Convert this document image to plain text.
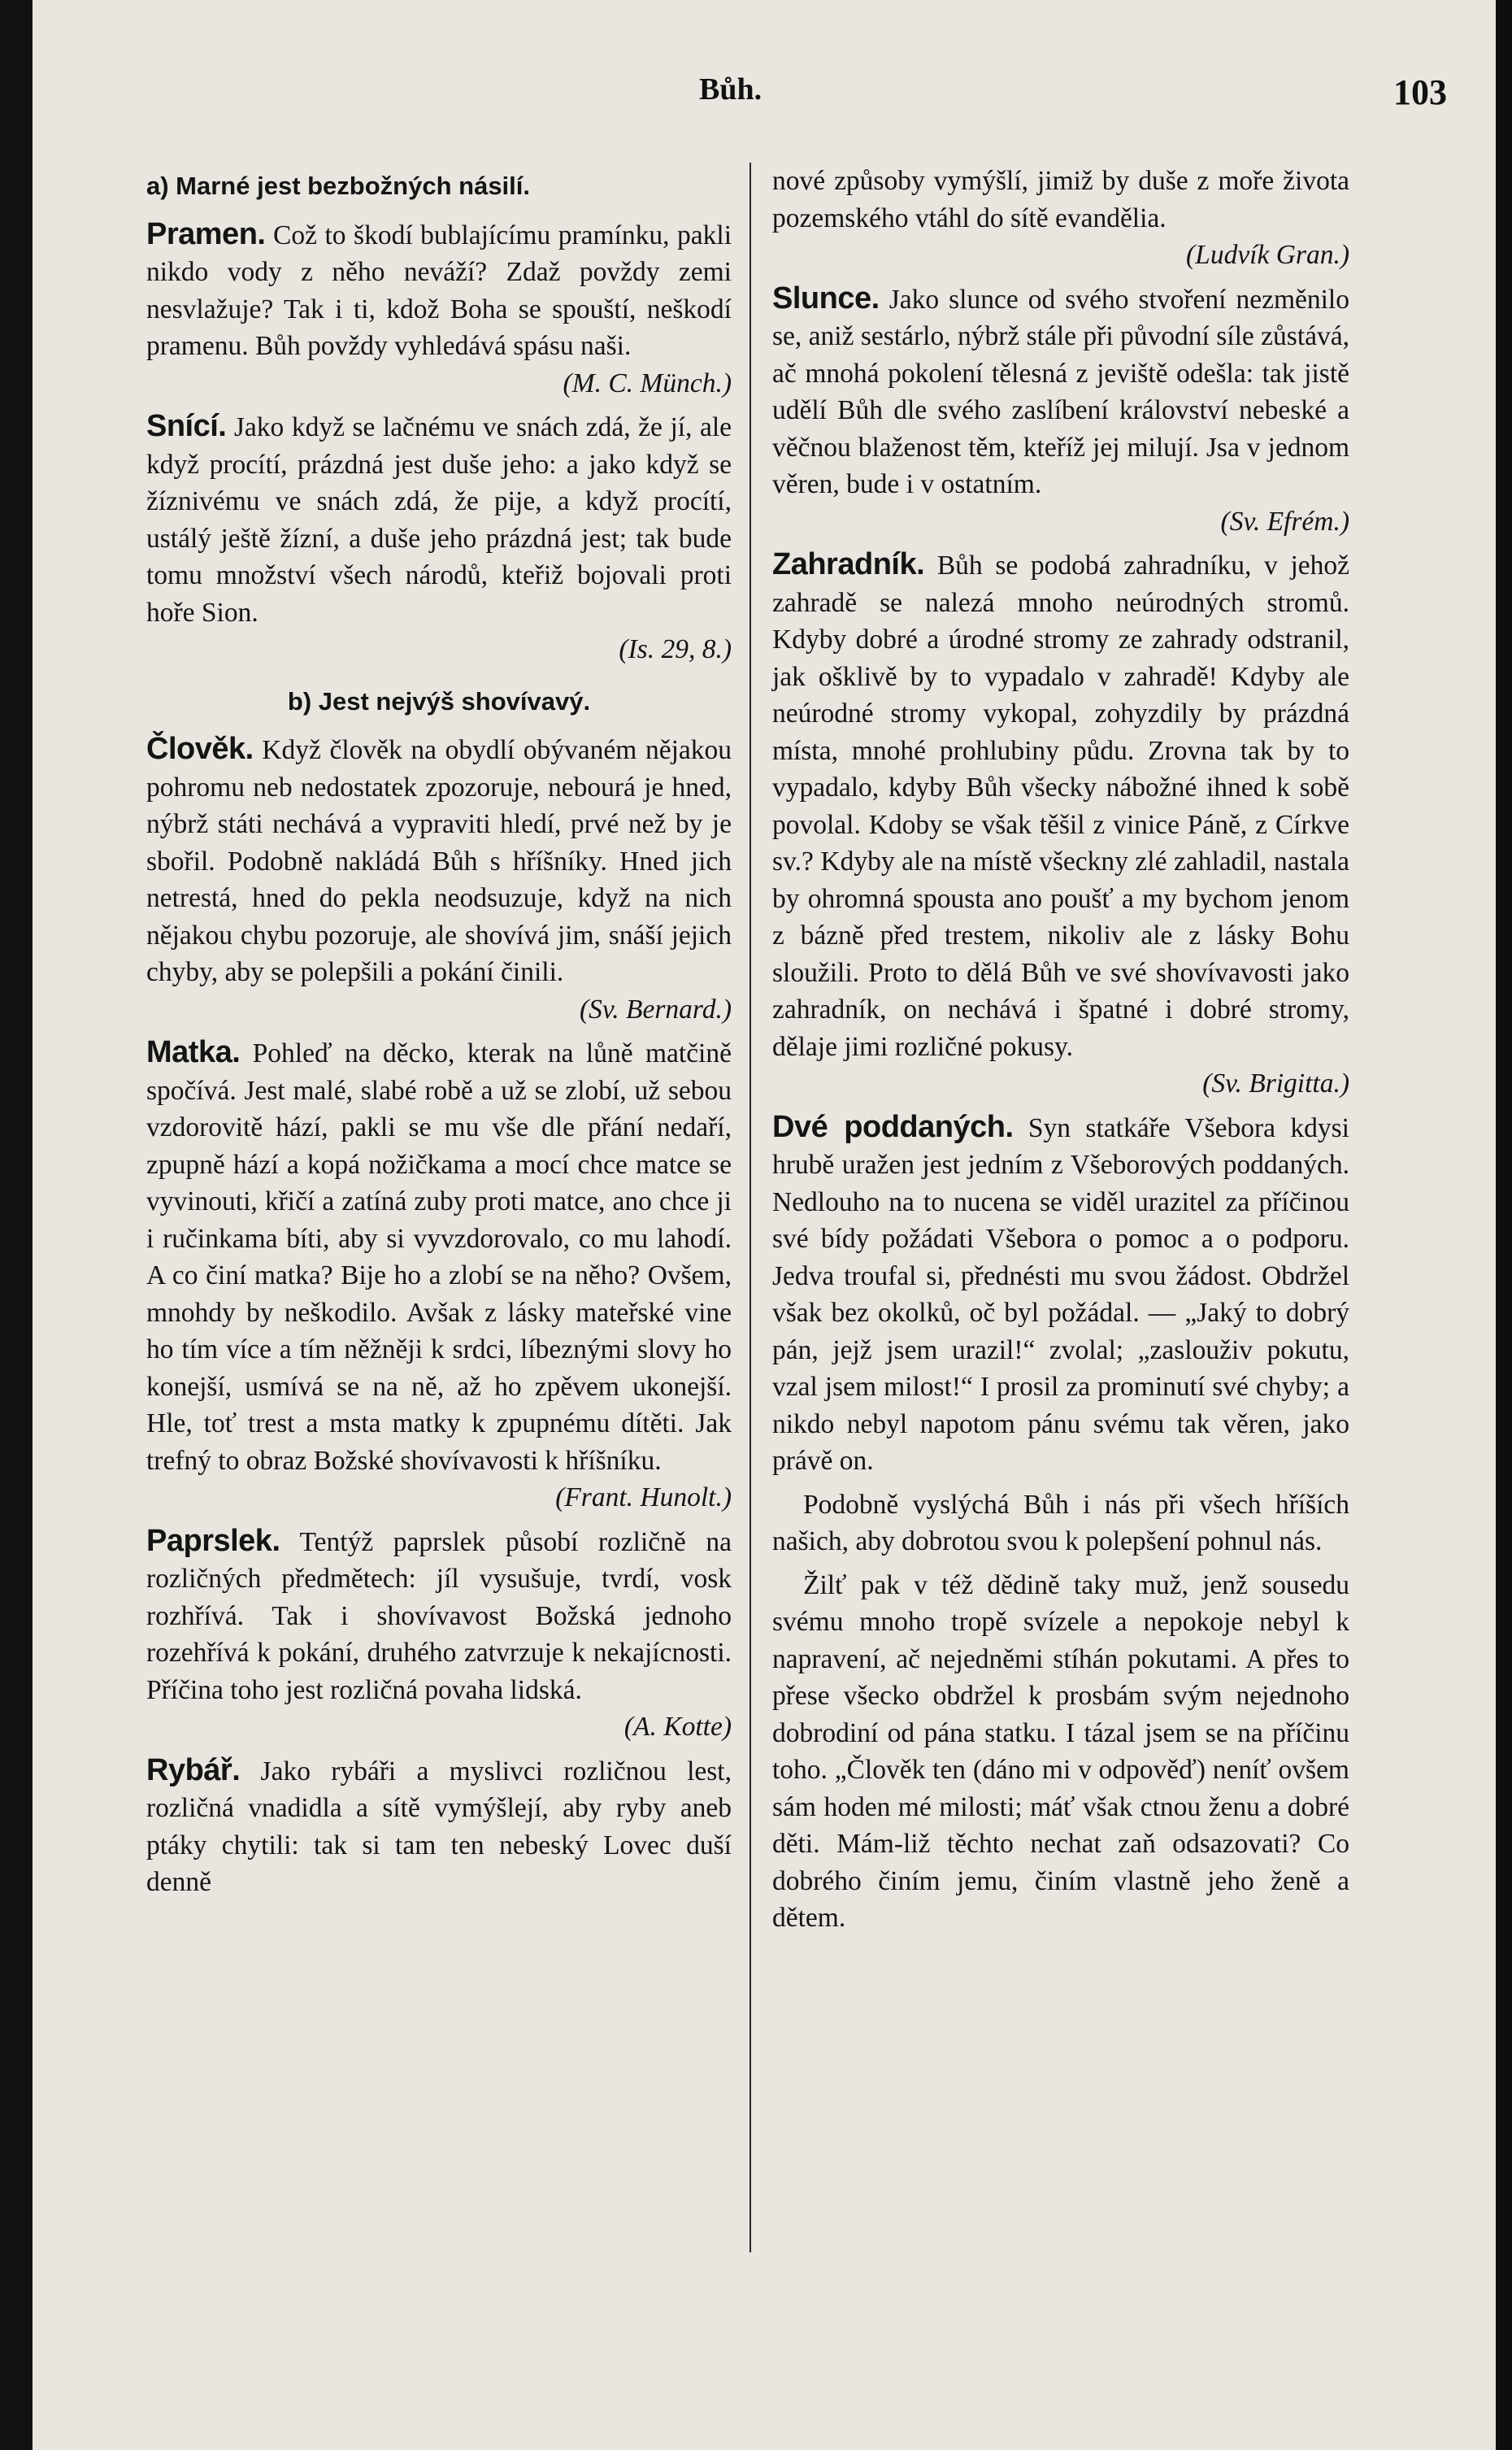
Bůh.	103

a) Marné jest bezbožných násilí.

Pramen. Což to škodí bublajícímu pramínku, pakli nikdo vody z něho neváží? Zdaž povždy zemi nesvlažuje? Tak i ti, kdož Boha se spouští, neškodí pramenu. Bůh povždy vyhledává spásu naši.
(M. C. Münch.)

Snící. Jako když se lačnému ve snách zdá, že jí, ale když procítí, prázdná jest duše jeho: a jako když se žíznivému ve snách zdá, že pije, a když procítí, ustálý ještě žízní, a duše jeho prázdná jest; tak bude tomu množství všech národů, kteřiž bojovali proti hoře Sion.
(Is. 29, 8.)

b) Jest nejvýš shovívavý.

Člověk. Když člověk na obydlí obývaném nějakou pohromu neb nedostatek zpozoruje, nebourá je hned, nýbrž státi nechává a vypraviti hledí, prvé než by je sbořil. Podobně nakládá Bůh s hříšníky. Hned jich netrestá, hned do pekla neodsuzuje, když na nich nějakou chybu pozoruje, ale shovívá jim, snáší jejich chyby, aby se polepšili a pokání činili.
(Sv. Bernard.)

Matka. Pohleď na děcko, kterak na lůně matčině spočívá. Jest malé, slabé robě a už se zlobí, už sebou vzdorovitě hází, pakli se mu vše dle přání nedaří, zpupně hází a kopá nožičkama a mocí chce matce se vyvinouti, křičí a zatíná zuby proti matce, ano chce ji i ručinkama bíti, aby si vyvzdorovalo, co mu lahodí. A co činí matka? Bije ho a zlobí se na něho? Ovšem, mnohdy by neškodilo. Avšak z lásky mateřské vine ho tím více a tím něžněji k srdci, líbeznými slovy ho konejší, usmívá se na ně, až ho zpěvem ukonejší. Hle, toť trest a msta matky k zpupnému dítěti. Jak trefný to obraz Božské shovívavosti k hříšníku.
(Frant. Hunolt.)

Paprslek. Tentýž paprslek působí rozličně na rozličných předmětech: jíl vysušuje, tvrdí, vosk rozhřívá. Tak i shovívavost Božská jednoho rozehřívá k pokání, druhého zatvrzuje k nekajícnosti. Příčina toho jest rozličná povaha lidská.
(A. Kotte)

Rybář. Jako rybáři a myslivci rozličnou lest, rozličná vnadidla a sítě vymýšlejí, aby ryby aneb ptáky chytili: tak si tam ten nebeský Lovec duší denně

nové způsoby vymýšlí, jimiž by duše z moře života pozemského vtáhl do sítě evandělia.
(Ludvík Gran.)

Slunce. Jako slunce od svého stvoření nezměnilo se, aniž sestárlo, nýbrž stále při původní síle zůstává, ač mnohá pokolení tělesná z jeviště odešla: tak jistě udělí Bůh dle svého zaslíbení království nebeské a věčnou blaženost těm, kteříž jej milují. Jsa v jednom věren, bude i v ostatním.
(Sv. Efrém.)

Zahradník. Bůh se podobá zahradníku, v jehož zahradě se nalezá mnoho neúrodných stromů. Kdyby dobré a úrodné stromy ze zahrady odstranil, jak ošklivě by to vypadalo v zahradě! Kdyby ale neúrodné stromy vykopal, zohyzdily by prázdná místa, mnohé prohlubiny půdu. Zrovna tak by to vypadalo, kdyby Bůh všecky nábožné ihned k sobě povolal. Kdoby se však těšil z vinice Páně, z Církve sv.? Kdyby ale na místě všeckny zlé zahladil, nastala by ohromná spousta ano poušť a my bychom jenom z bázně před trestem, nikoliv ale z lásky Bohu sloužili. Proto to dělá Bůh ve své shovívavosti jako zahradník, on nechává i špatné i dobré stromy, dělaje jimi rozličné pokusy.
(Sv. Brigitta.)

Dvé poddaných. Syn statkáře Všebora kdysi hrubě uražen jest jedním z Všeborových poddaných. Nedlouho na to nucena se viděl urazitel za příčinou své bídy požádati Všebora o pomoc a o podporu. Jedva troufal si, přednésti mu svou žádost. Obdržel však bez okolků, oč byl požádal. — „Jaký to dobrý pán, jejž jsem urazil!“ zvolal; „zaslouživ pokutu, vzal jsem milost!“ I prosil za prominutí své chyby; a nikdo nebyl napotom pánu svému tak věren, jako právě on.

Podobně vyslýchá Bůh i nás při všech hříších našich, aby dobrotou svou k polepšení pohnul nás.

Žilť pak v též dědině taky muž, jenž sousedu svému mnoho tropě svízele a nepokoje nebyl k napravení, ač nejedněmi stíhán pokutami. A přes to přese všecko obdržel k prosbám svým nejednoho dobrodiní od pána statku. I tázal jsem se na příčinu toho. „Člověk ten (dáno mi v odpověď) neníť ovšem sám hoden mé milosti; máť však ctnou ženu a dobré děti. Mám-liž těchto nechat zaň odsazovati? Co dobrého činím jemu, činím vlastně jeho ženě a dětem.
